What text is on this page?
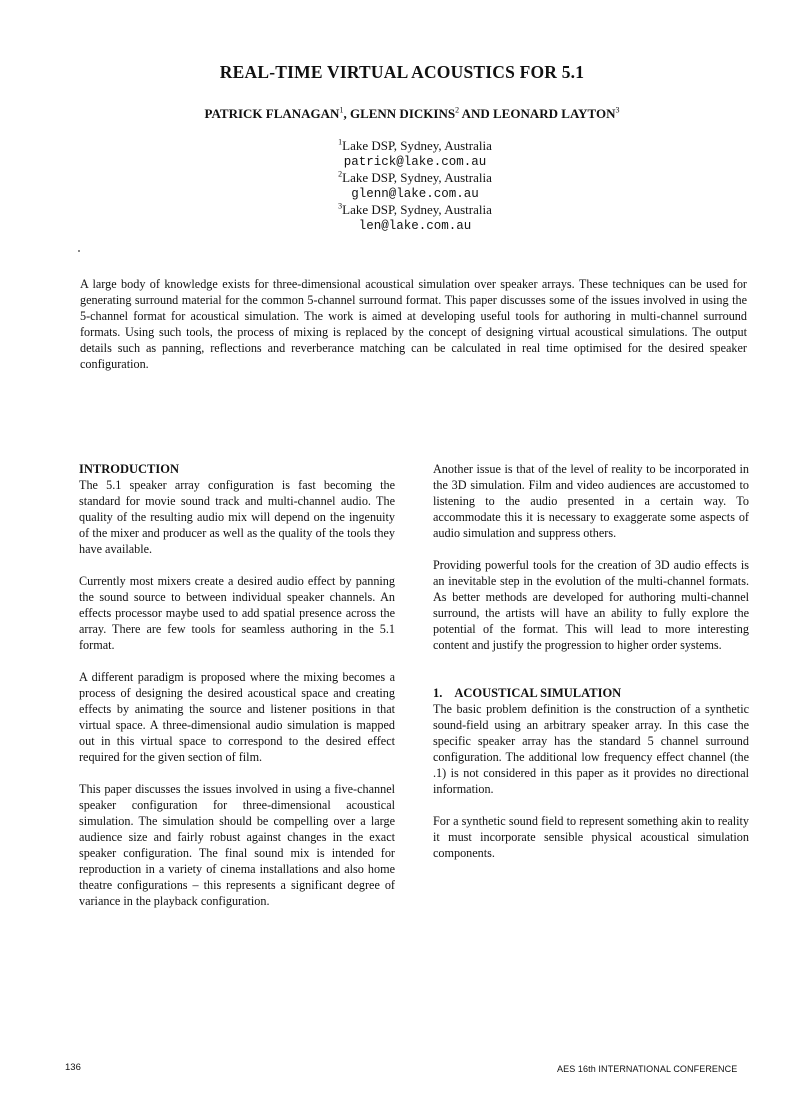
REAL-TIME VIRTUAL ACOUSTICS FOR 5.1
PATRICK FLANAGAN$^1$, GLENN DICKINS$^2$ AND LEONARD LAYTON$^3$
$^1$Lake DSP, Sydney, Australia
patrick@lake.com.au
$^2$Lake DSP, Sydney, Australia
glenn@lake.com.au
$^3$Lake DSP, Sydney, Australia
len@lake.com.au
A large body of knowledge exists for three-dimensional acoustical simulation over speaker arrays. These techniques can be used for generating surround material for the common 5-channel surround format. This paper discusses some of the issues involved in using the 5-channel format for acoustical simulation. The work is aimed at developing useful tools for authoring in multi-channel surround formats. Using such tools, the process of mixing is replaced by the concept of designing virtual acoustical simulations. The output details such as panning, reflections and reverberance matching can be calculated in real time optimised for the desired speaker configuration.
INTRODUCTION

The 5.1 speaker array configuration is fast becoming the standard for movie sound track and multi-channel audio. The quality of the resulting audio mix will depend on the ingenuity of the mixer and producer as well as the quality of the tools they have available.

Currently most mixers create a desired audio effect by panning the sound source to between individual speaker channels. An effects processor maybe used to add spatial presence across the array. There are few tools for seamless authoring in the 5.1 format.

A different paradigm is proposed where the mixing becomes a process of designing the desired acoustical space and creating effects by animating the source and listener positions in that virtual space. A three-dimensional audio simulation is mapped out in this virtual space to correspond to the desired effect required for the given section of film.

This paper discusses the issues involved in using a five-channel speaker configuration for three-dimensional acoustical simulation. The simulation should be compelling over a large audience size and fairly robust against changes in the exact speaker configuration. The final sound mix is intended for reproduction in a variety of cinema installations and also home theatre configurations – this represents a significant degree of variance in the playback configuration.

Another issue is that of the level of reality to be incorporated in the 3D simulation. Film and video audiences are accustomed to listening to the audio presented in a certain way. To accommodate this it is necessary to exaggerate some aspects of audio simulation and suppress others.

Providing powerful tools for the creation of 3D audio effects is an inevitable step in the evolution of the multi-channel formats. As better methods are developed for authoring multi-channel surround, the artists will have an ability to fully explore the potential of the format. This will lead to more interesting content and justify the progression to higher order systems.

1. ACOUSTICAL SIMULATION

The basic problem definition is the construction of a synthetic sound-field using an arbitrary speaker array. In this case the specific speaker array has the standard 5 channel surround configuration. The additional low frequency effect channel (the .1) is not considered in this paper as it provides no directional information.

For a synthetic sound field to represent something akin to reality it must incorporate sensible physical acoustical simulation components.

136	AES 16th INTERNATIONAL CONFERENCE
